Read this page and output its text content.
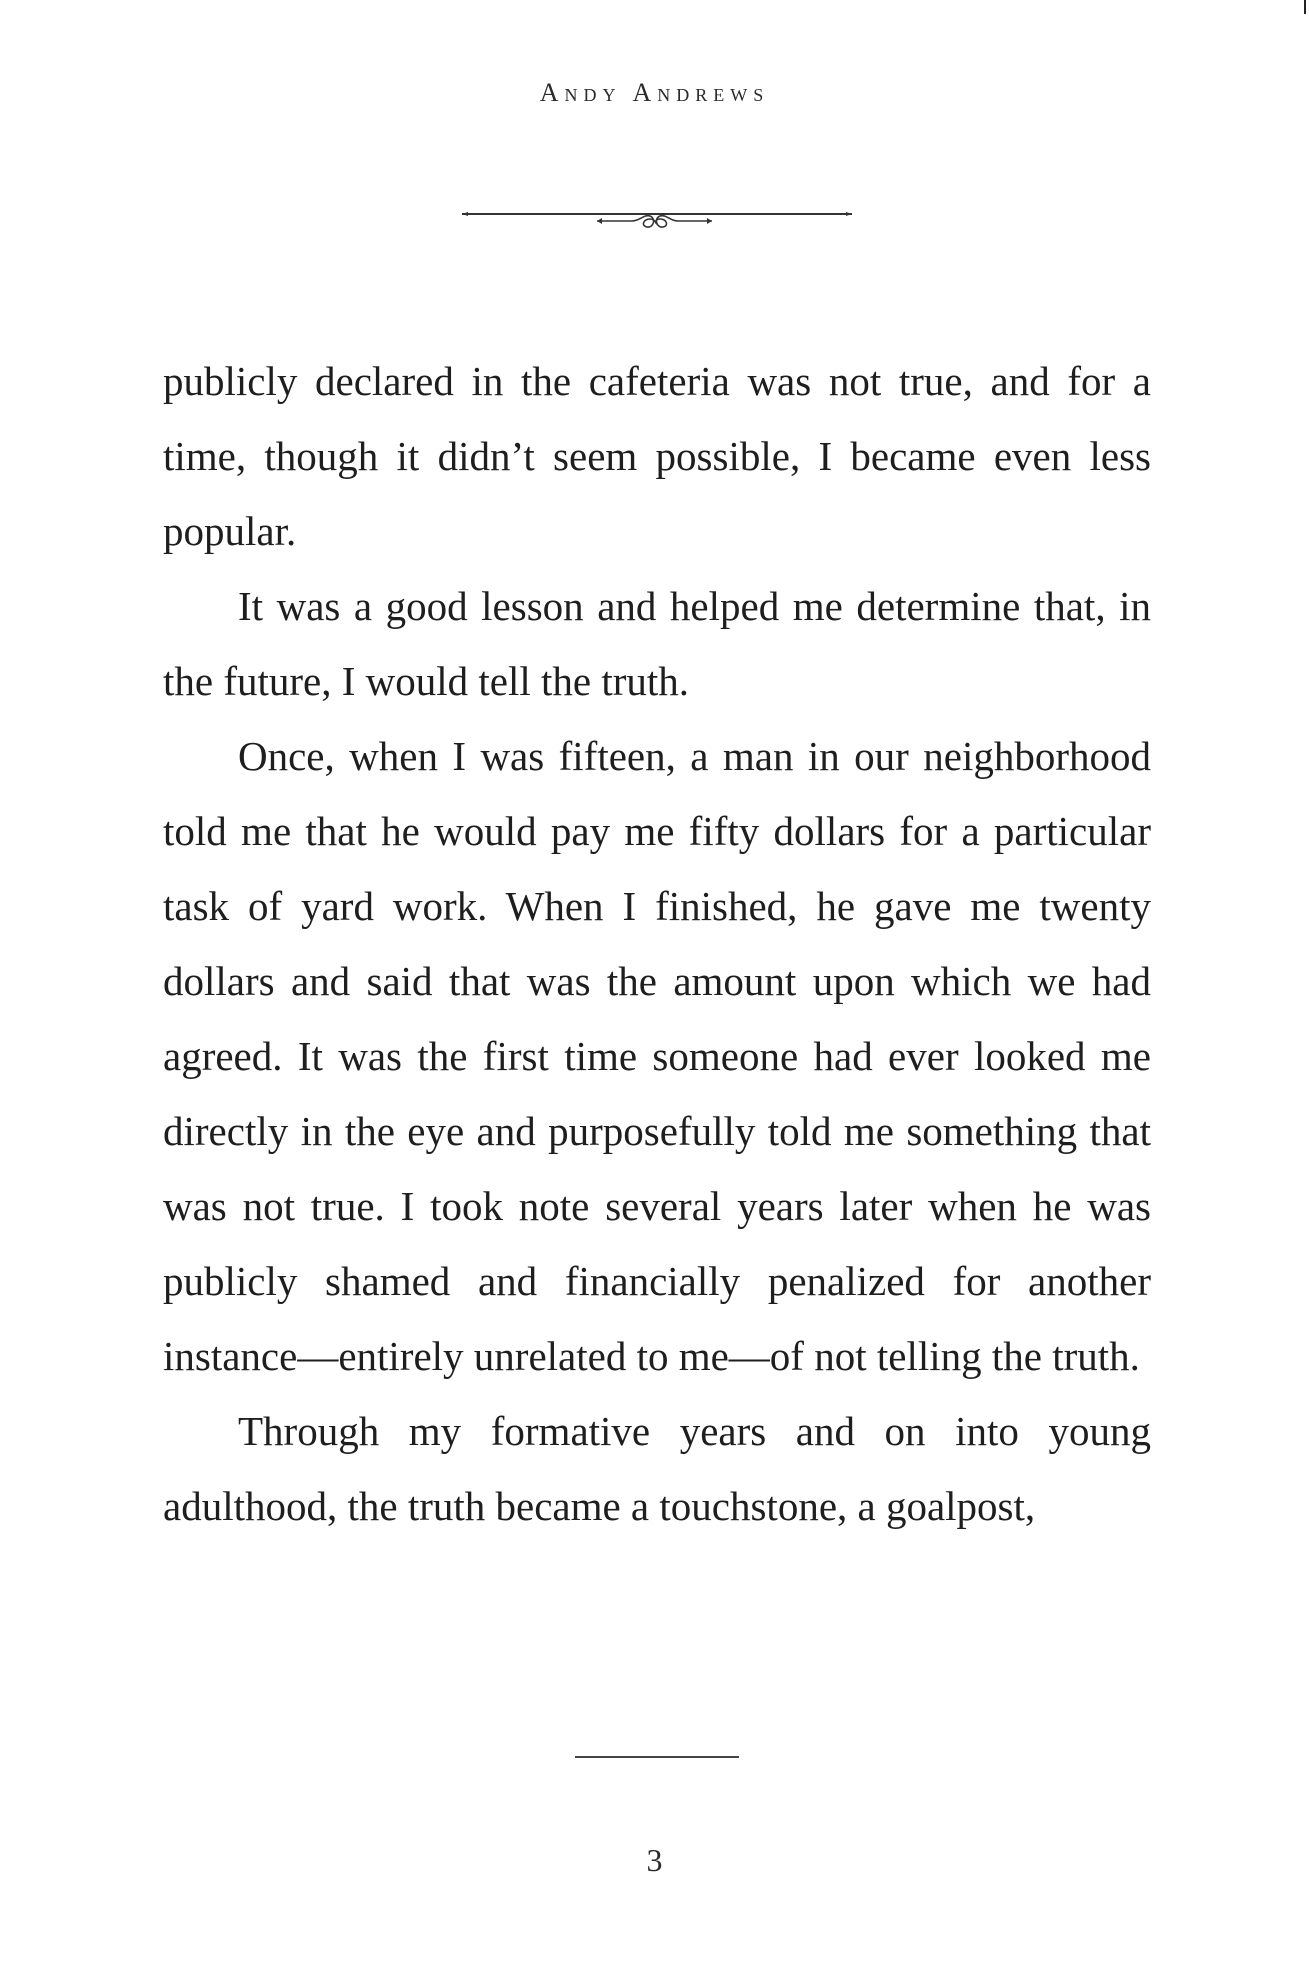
Andy Andrews

publicly declared in the cafeteria was not true, and for a time, though it didn’t seem possible, I became even less popular.

It was a good lesson and helped me determine that, in the future, I would tell the truth.

Once, when I was fifteen, a man in our neighborhood told me that he would pay me fifty dollars for a particular task of yard work. When I finished, he gave me twenty dollars and said that was the amount upon which we had agreed. It was the first time someone had ever looked me directly in the eye and purposefully told me something that was not true. I took note several years later when he was publicly shamed and financially penalized for another instance—entirely unrelated to me—of not telling the truth.

Through my formative years and on into young adulthood, the truth became a touchstone, a goalpost,

3
